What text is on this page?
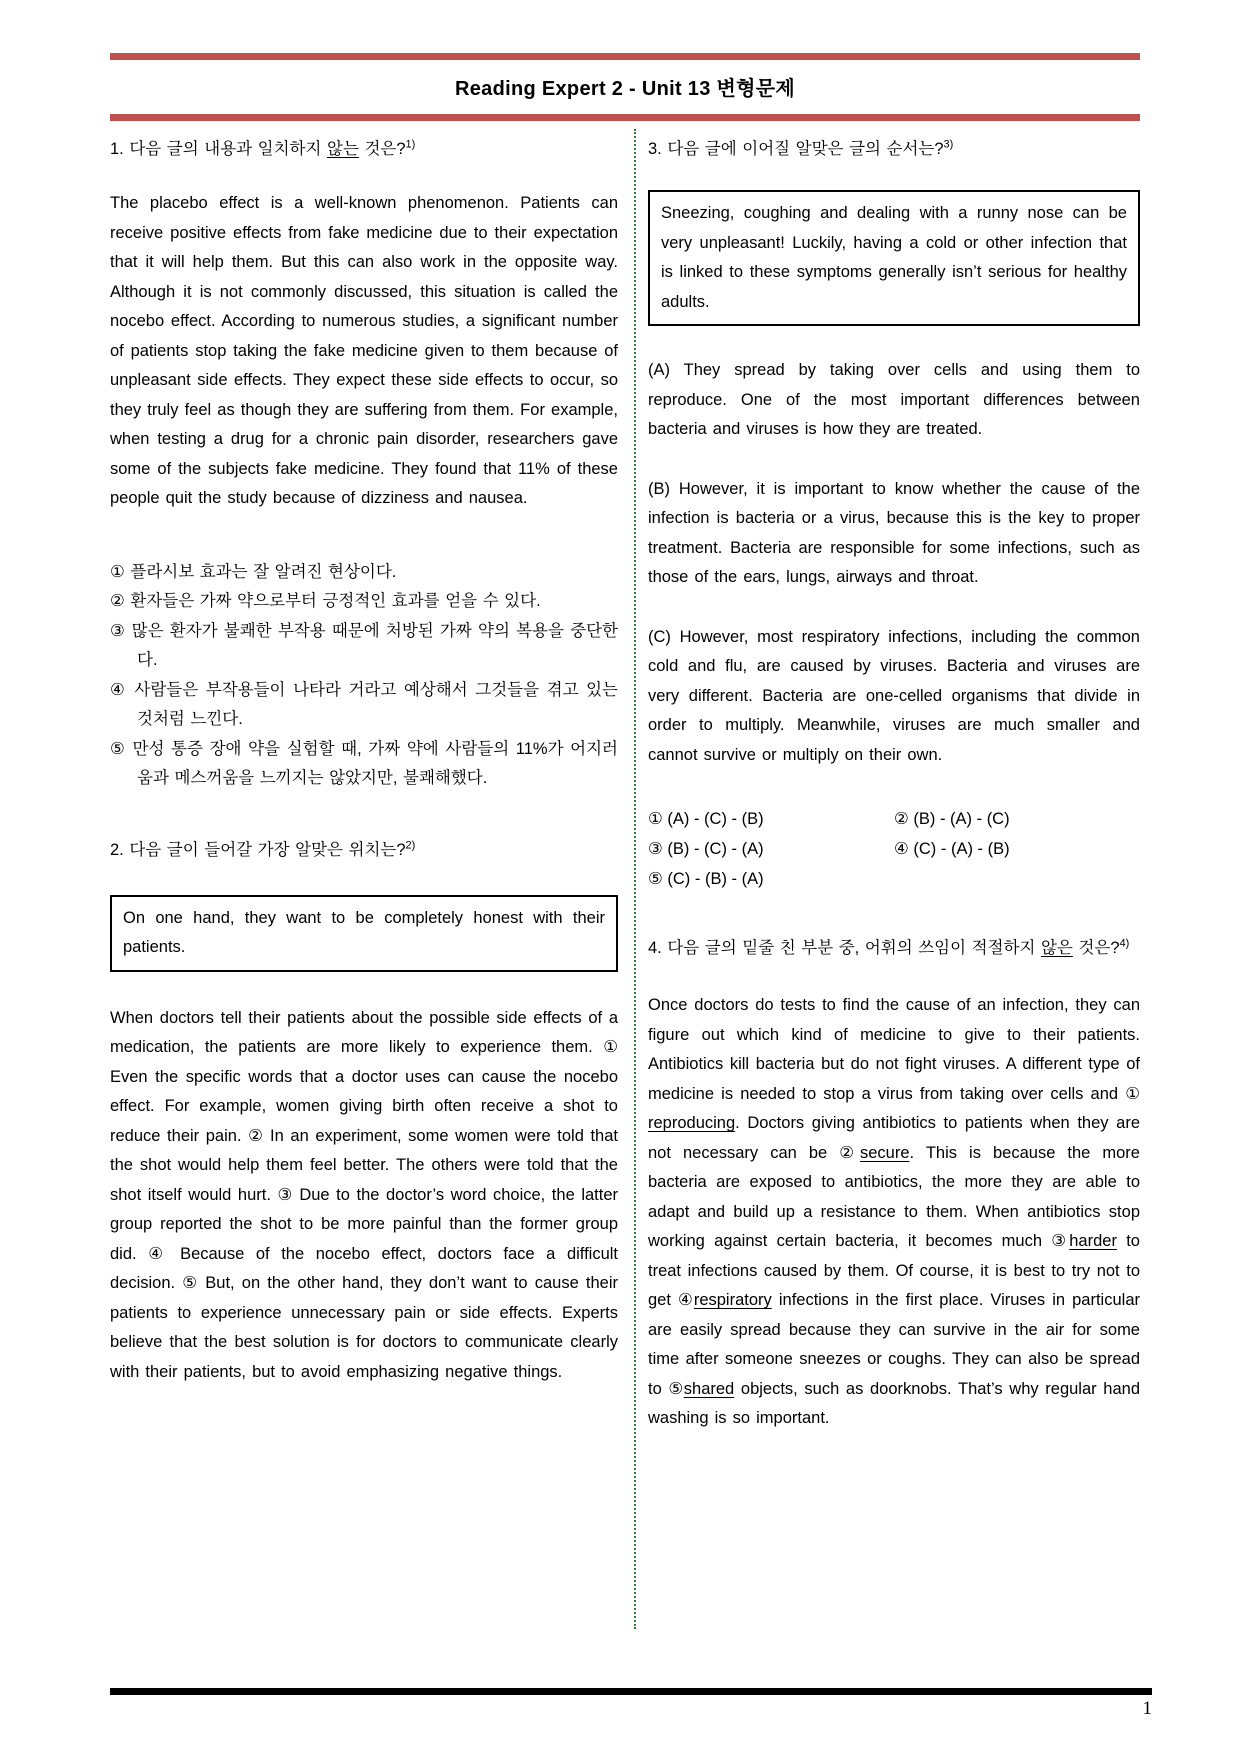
Reading Expert 2 - Unit 13 변형문제
1. 다음 글의 내용과 일치하지 않는 것은?$^{1)}$

The placebo effect is a well-known phenomenon. Patients can receive positive effects from fake medicine due to their expectation that it will help them. But this can also work in the opposite way. Although it is not commonly discussed, this situation is called the nocebo effect. According to numerous studies, a significant number of patients stop taking the fake medicine given to them because of unpleasant side effects. They expect these side effects to occur, so they truly feel as though they are suffering from them. For example, when testing a drug for a chronic pain disorder, researchers gave some of the subjects fake medicine. They found that 11% of these people quit the study because of dizziness and nausea.

① 플라시보 효과는 잘 알려진 현상이다.
② 환자들은 가짜 약으로부터 긍정적인 효과를 얻을 수 있다.
③ 많은 환자가 불쾌한 부작용 때문에 처방된 가짜 약의 복용을 중단한다.
④ 사람들은 부작용들이 나타라 거라고 예상해서 그것들을 겪고 있는 것처럼 느낀다.
⑤ 만성 통증 장애 약을 실험할 때, 가짜 약에 사람들의 11%가 어지러움과 메스꺼움을 느끼지는 않았지만, 불쾌해했다.
2. 다음 글이 들어갈 가장 알맞은 위치는?$^{2)}$

On one hand, they want to be completely honest with their patients.

When doctors tell their patients about the possible side effects of a medication, the patients are more likely to experience them. ① Even the specific words that a doctor uses can cause the nocebo effect. For example, women giving birth often receive a shot to reduce their pain. ② In an experiment, some women were told that the shot would help them feel better. The others were told that the shot itself would hurt. ③ Due to the doctor’s word choice, the latter group reported the shot to be more painful than the former group did. ④ Because of the nocebo effect, doctors face a difficult decision. ⑤ But, on the other hand, they don’t want to cause their patients to experience unnecessary pain or side effects. Experts believe that the best solution is for doctors to communicate clearly with their patients, but to avoid emphasizing negative things.

3. 다음 글에 이어질 알맞은 글의 순서는?$^{3)}$

Sneezing, coughing and dealing with a runny nose can be very unpleasant! Luckily, having a cold or other infection that is linked to these symptoms generally isn’t serious for healthy adults.

(A) They spread by taking over cells and using them to reproduce. One of the most important differences between bacteria and viruses is how they are treated.

(B) However, it is important to know whether the cause of the infection is bacteria or a virus, because this is the key to proper treatment. Bacteria are responsible for some infections, such as those of the ears, lungs, airways and throat.

(C) However, most respiratory infections, including the common cold and flu, are caused by viruses. Bacteria and viruses are very different. Bacteria are one-celled organisms that divide in order to multiply. Meanwhile, viruses are much smaller and cannot survive or multiply on their own.

① (A) - (C) - (B)	② (B) - (A) - (C)
③ (B) - (C) - (A)	④ (C) - (A) - (B)
⑤ (C) - (B) - (A)
4. 다음 글의 밑줄 친 부분 중, 어휘의 쓰임이 적절하지 않은 것은?$^{4)}$

Once doctors do tests to find the cause of an infection, they can figure out which kind of medicine to give to their patients. Antibiotics kill bacteria but do not fight viruses. A different type of medicine is needed to stop a virus from taking over cells and ① reproducing. Doctors giving antibiotics to patients when they are not necessary can be ②secure. This is because the more bacteria are exposed to antibiotics, the more they are able to adapt and build up a resistance to them. When antibiotics stop working against certain bacteria, it becomes much ③harder to treat infections caused by them. Of course, it is best to try not to get ④respiratory infections in the first place. Viruses in particular are easily spread because they can survive in the air for some time after someone sneezes or coughs. They can also be spread to ⑤shared objects, such as doorknobs. That’s why regular hand washing is so important.

1
